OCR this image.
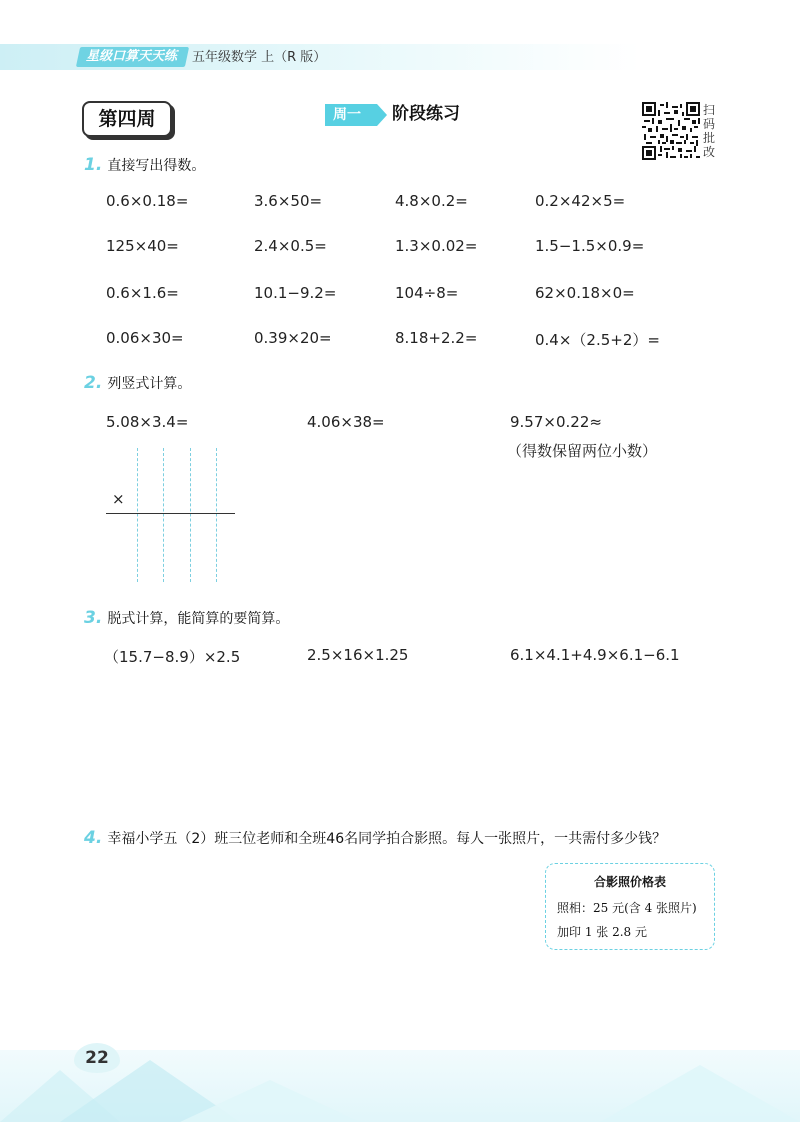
星级口算天天练	五年级数学 上（R 版）
第四周	周一	阶段练习	扫码批改
1. 直接写出得数。
0.6×0.18=	3.6×50=	4.8×0.2=	0.2×42×5=
125×40=	2.4×0.5=	1.3×0.02=	1.5−1.5×0.9=
0.6×1.6=	10.1−9.2=	104÷8=	62×0.18×0=
0.06×30=	0.39×20=	8.18+2.2=	0.4×（2.5+2）=
2. 列竖式计算。
5.08×3.4=	4.06×38=	9.57×0.22≈
（得数保留两位小数）
×
3. 脱式计算，能简算的要简算。
（15.7−8.9）×2.5	2.5×16×1.25	6.1×4.1+4.9×6.1−6.1
4. 幸福小学五（2）班三位老师和全班46名同学拍合影照。每人一张照片，一共需付多少钱？
合影照价格表
照相：25 元(含 4 张照片)
加印 1 张 2.8 元
22
